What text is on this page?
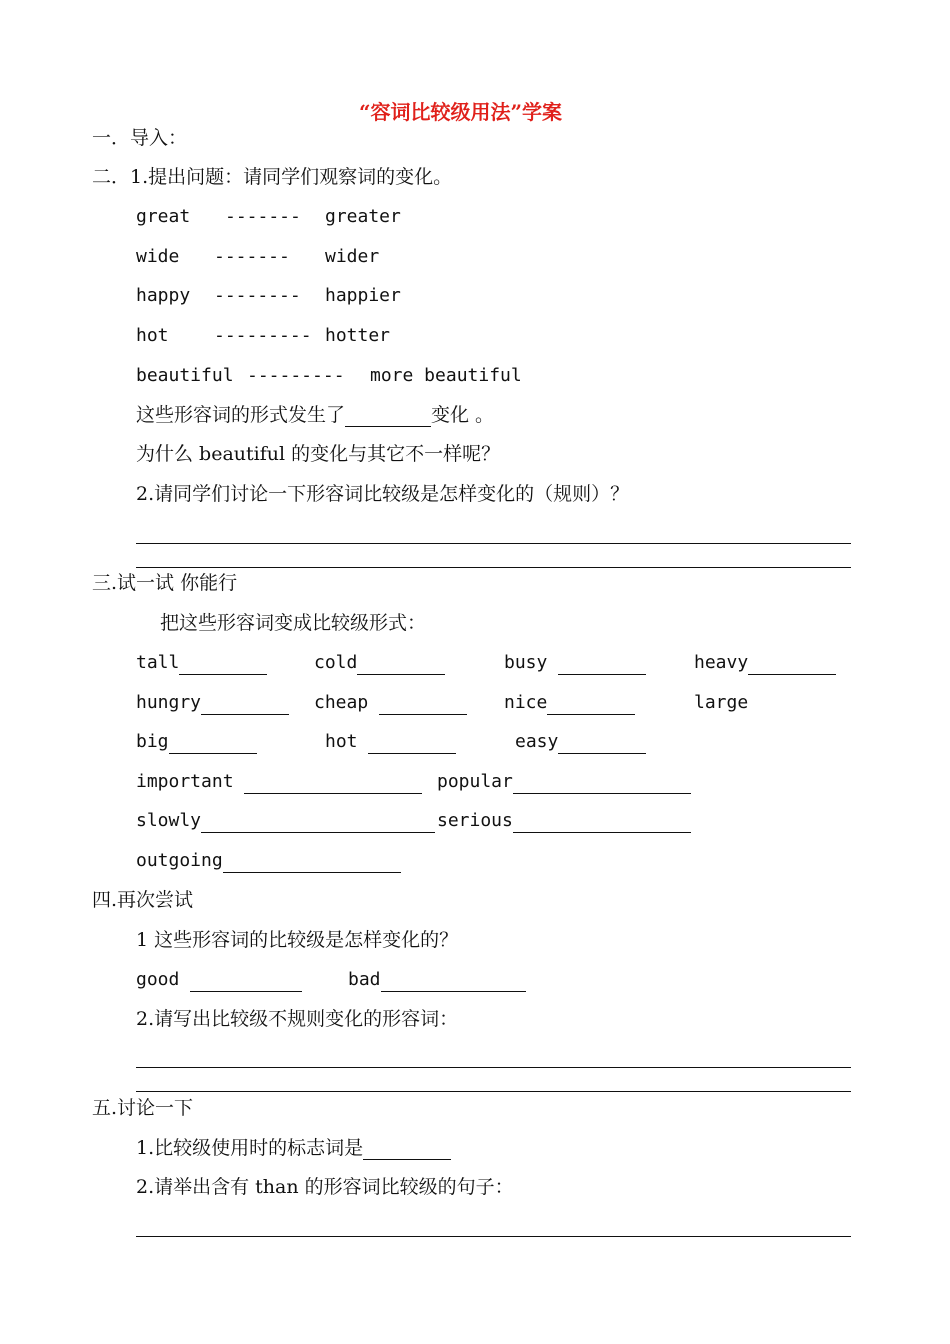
“容词比较级用法”学案
一．导入：
二．1.提出问题：请同学们观察词的变化。
great ------- greater
wide ------- wider
happy -------- happier
hot	--------- hotter
beautiful --------- more beautiful
这些形容词的形式发生了	变化 。
为什么 beautiful 的变化与其它不一样呢？
2.请同学们讨论一下形容词比较级是怎样变化的（规则）？
三.试一试 你能行
把这些形容词变成比较级形式：
tall	cold	busy	heavy
hungry	cheap	nice	large
big	hot	easy
important	popular
slowly	serious
outgoing
四.再次尝试
1 这些形容词的比较级是怎样变化的？
good	bad
2.请写出比较级不规则变化的形容词：
五.讨论一下
1.比较级使用时的标志词是
2.请举出含有 than 的形容词比较级的句子：
